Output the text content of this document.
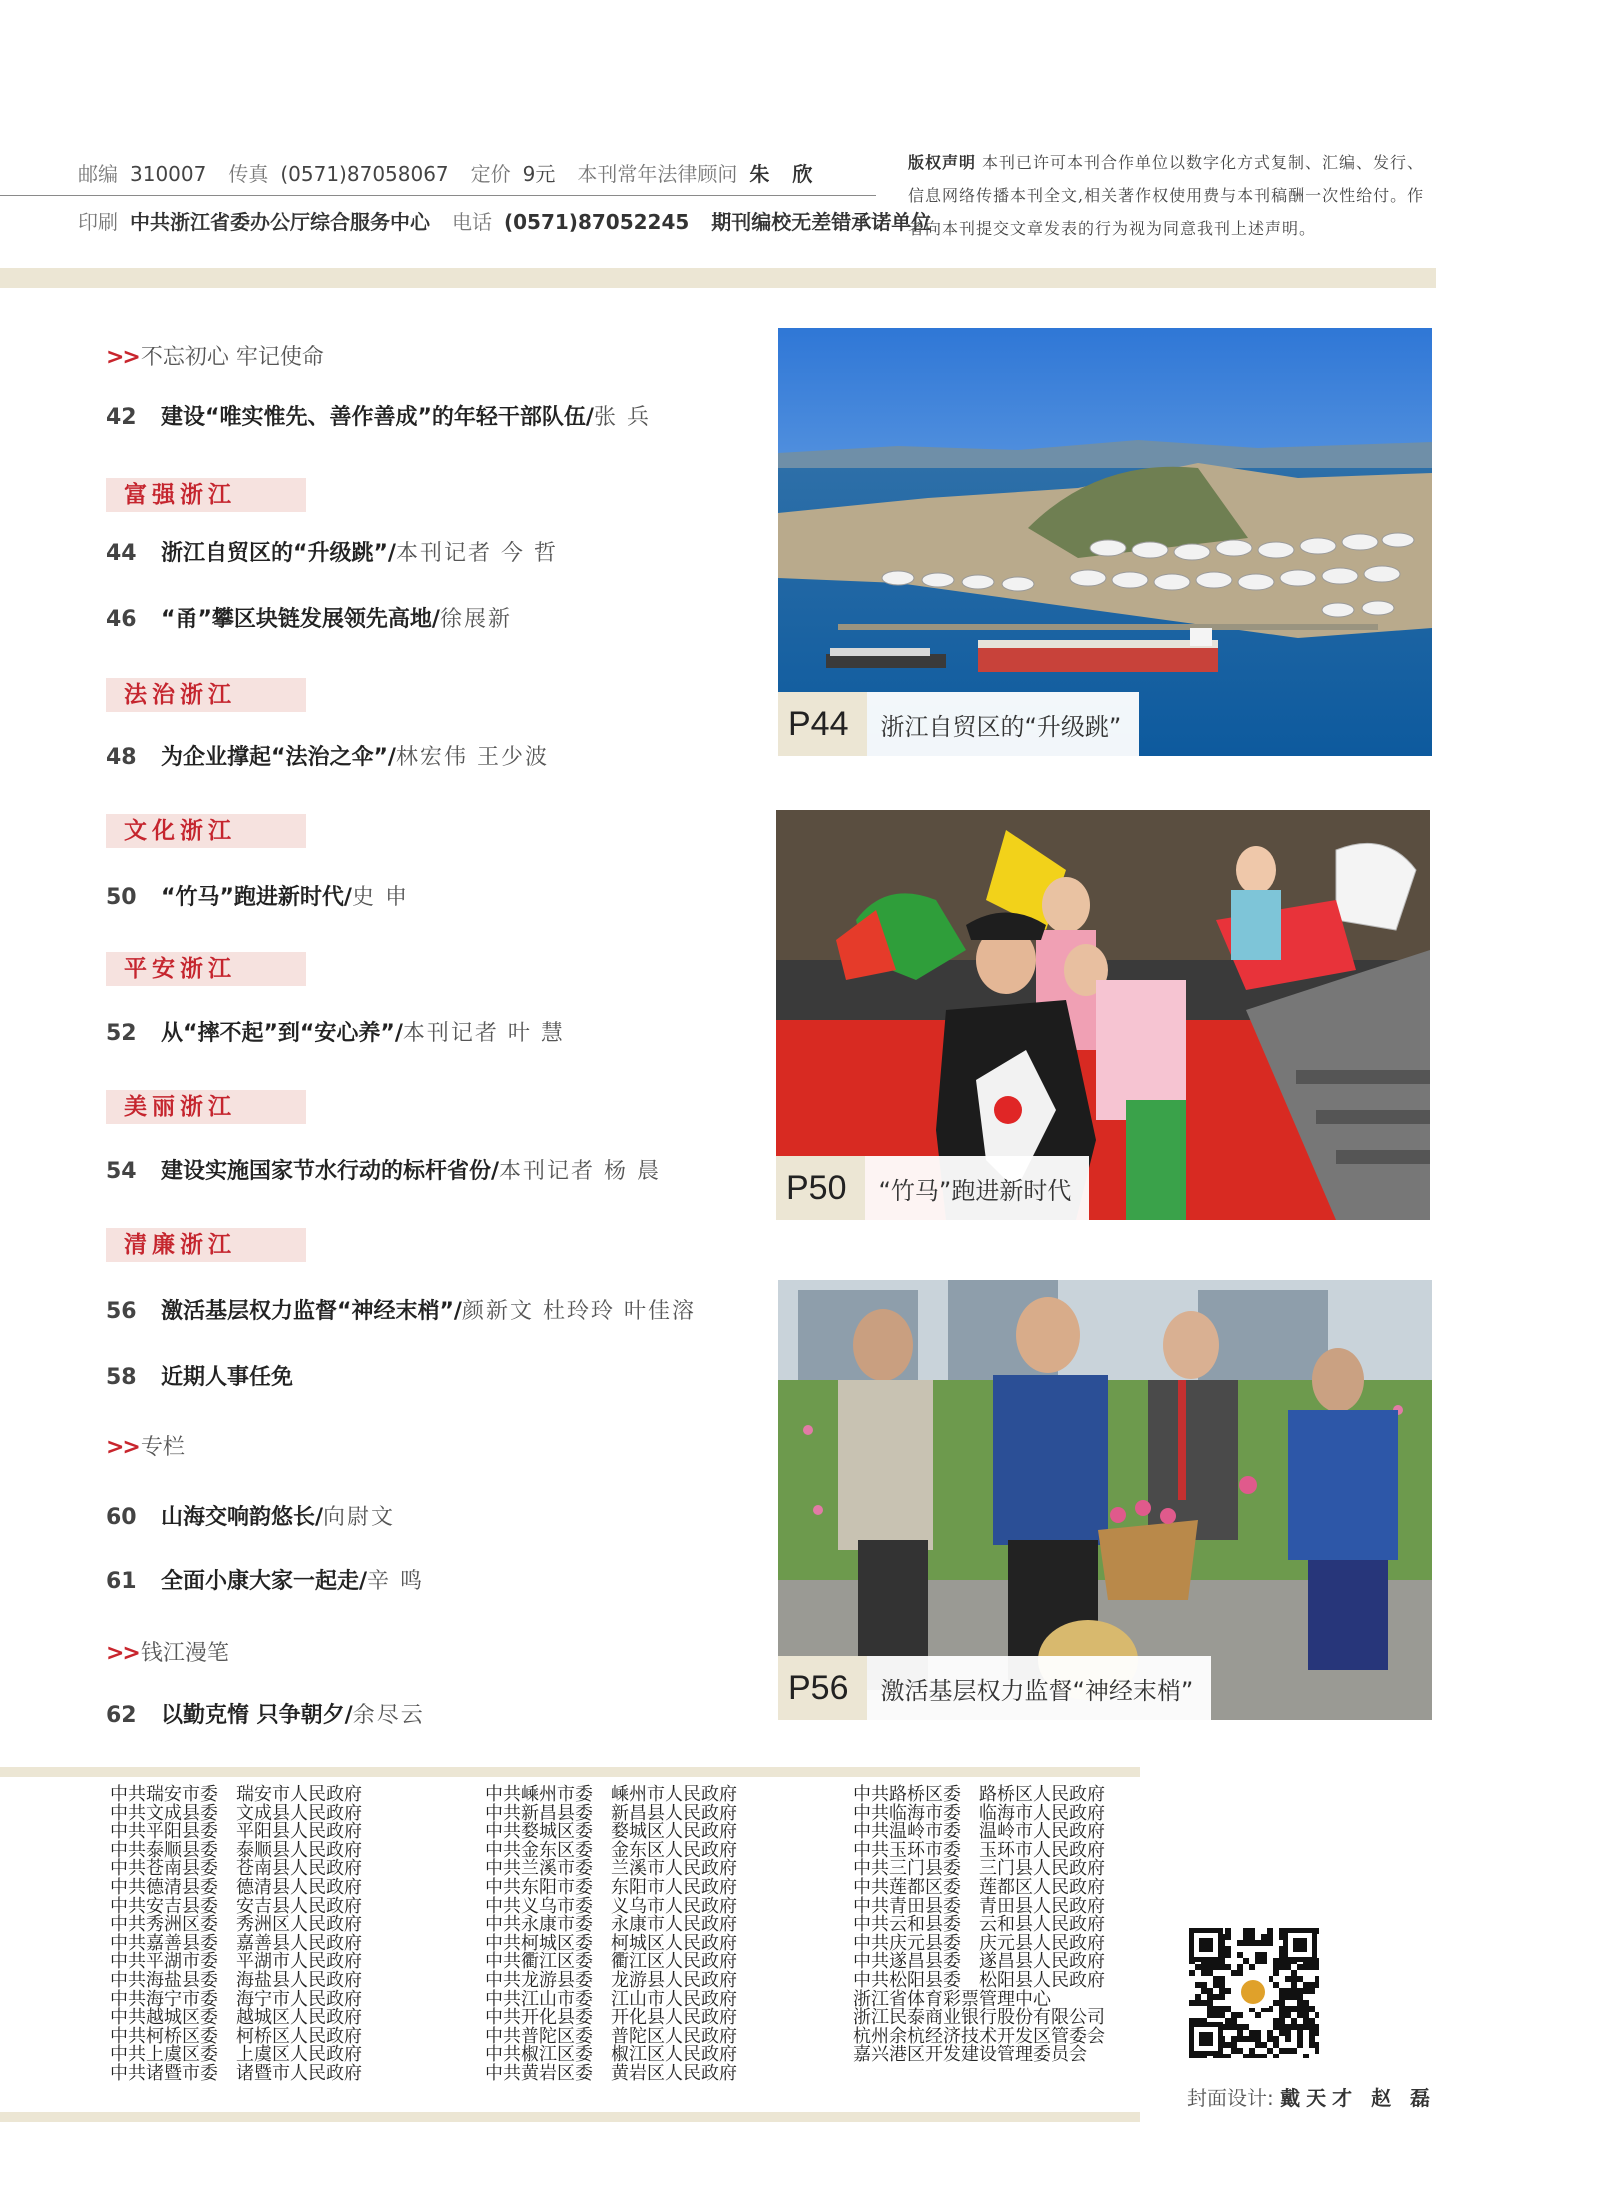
邮编 310007 传真 (0571)87058067 定价 9元 本刊常年法律顾问 朱 欣
印刷 中共浙江省委办公厅综合服务中心 电话 (0571)87052245 期刊编校无差错承诺单位
版权声明 本刊已许可本刊合作单位以数字化方式复制、汇编、发行、信息网络传播本刊全文,相关著作权使用费与本刊稿酬一次性给付。作者向本刊提交文章发表的行为视为同意我刊上述声明。
>>不忘初心 牢记使命
42 建设“唯实惟先、善作善成”的年轻干部队伍/张 兵
富强浙江
44 浙江自贸区的“升级跳”/本刊记者 今 哲
46 “甬”攀区块链发展领先高地/徐展新
法治浙江
48 为企业撑起“法治之伞”/林宏伟 王少波
文化浙江
50 “竹马”跑进新时代/史 申
平安浙江
52 从“摔不起”到“安心养”/本刊记者 叶 慧
美丽浙江
54 建设实施国家节水行动的标杆省份/本刊记者 杨 晨
清廉浙江
56 激活基层权力监督“神经末梢”/颜新文 杜玲玲 叶佳溶
58 近期人事任免
>>专栏
60 山海交响韵悠长/向尉文
61 全面小康大家一起走/辛 鸣
>>钱江漫笔
62 以勤克惰 只争朝夕/余尽云
P44	浙江自贸区的“升级跳”
P50	“竹马”跑进新时代
P56	激活基层权力监督“神经末梢”
中共瑞安市委　瑞安市人民政府
中共文成县委　文成县人民政府
中共平阳县委　平阳县人民政府
中共泰顺县委　泰顺县人民政府
中共苍南县委　苍南县人民政府
中共德清县委　德清县人民政府
中共安吉县委　安吉县人民政府
中共秀洲区委　秀洲区人民政府
中共嘉善县委　嘉善县人民政府
中共平湖市委　平湖市人民政府
中共海盐县委　海盐县人民政府
中共海宁市委　海宁市人民政府
中共越城区委　越城区人民政府
中共柯桥区委　柯桥区人民政府
中共上虞区委　上虞区人民政府
中共诸暨市委　诸暨市人民政府
中共嵊州市委　嵊州市人民政府
中共新昌县委　新昌县人民政府
中共婺城区委　婺城区人民政府
中共金东区委　金东区人民政府
中共兰溪市委　兰溪市人民政府
中共东阳市委　东阳市人民政府
中共义乌市委　义乌市人民政府
中共永康市委　永康市人民政府
中共柯城区委　柯城区人民政府
中共衢江区委　衢江区人民政府
中共龙游县委　龙游县人民政府
中共江山市委　江山市人民政府
中共开化县委　开化县人民政府
中共普陀区委　普陀区人民政府
中共椒江区委　椒江区人民政府
中共黄岩区委　黄岩区人民政府
中共路桥区委　路桥区人民政府
中共临海市委　临海市人民政府
中共温岭市委　温岭市人民政府
中共玉环市委　玉环市人民政府
中共三门县委　三门县人民政府
中共莲都区委　莲都区人民政府
中共青田县委　青田县人民政府
中共云和县委　云和县人民政府
中共庆元县委　庆元县人民政府
中共遂昌县委　遂昌县人民政府
中共松阳县委　松阳县人民政府
浙江省体育彩票管理中心
浙江民泰商业银行股份有限公司
杭州余杭经济技术开发区管委会
嘉兴港区开发建设管理委员会
封面设计: 戴天才 赵 磊
